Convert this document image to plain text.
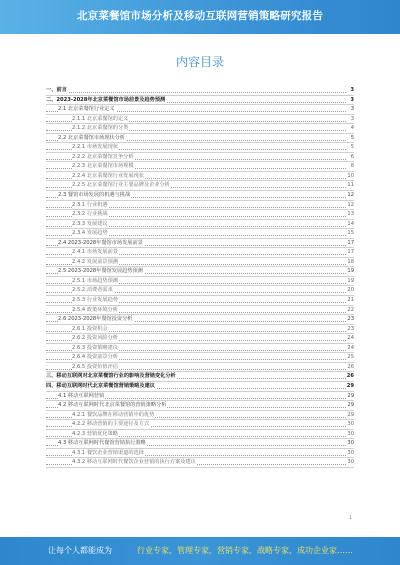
北京菜餐馆市场分析及移动互联网营销策略研究报告
内容目录
一、前言	3
二、2023-2028年北京菜餐馆市场前景及趋势预测	3
2.1 北京菜餐馆行业定义	3
2.1.1 北京菜餐馆的定义	3
2.1.2 北京菜餐馆的分类	4
2.2 北京菜餐馆市场现状分析	5
2.2.1 市场发展现状	5
2.2.2 北京菜餐馆竞争分析	6
2.2.3 北京菜餐馆市场规模	8
2.2.4 北京菜餐馆行业发展现状	10
2.2.5 北京菜餐馆行业主要品牌及企业分析	11
2.3 餐馆市场发展的机遇与挑战	12
2.3.1 行业机遇	12
2.3.2 行业挑战	13
2.3.3 发展建议	14
2.3.4 发展趋势	15
2.4 2023-2028年餐馆市场发展前景	17
2.4.1 市场发展前景	17
2.4.2 发展前景预测	18
2.5 2023-2028年餐馆发展趋势预测	19
2.5.1 市场趋势预测	19
2.5.2 消费者需求	20
2.5.3 行业发展趋势	21
2.5.4 政策环境分析	22
2.6 2023-2028年餐馆投资分析	23
2.6.1 投资机会	23
2.6.2 投资风险分析	24
2.6.3 投资策略建议	24
2.6.4 投资前景分析	25
2.6.5 投资价值评估	26
三、移动互联网对北京菜餐馆行业的影响及营销变化分析	26
四、移动互联网时代北京菜餐馆营销策略及建议	29
4.1 移动互联网营销	29
4.2 移动互联网时代北京菜餐馆的营销策略分析	29
4.2.1 餐饮品牌在移动营销中的优势	29
4.2.2 移动营销的主要途径及方式	30
4.2.3 营销优化策略	30
4.3 移动互联网时代餐馆营销执行策略	30
4.3.1 餐饮企业营销渠道的选择	30
4.3.2 移动互联网时代餐饮企业营销的执行方案及建议	30
1
让每个人都能成为	行业专家、管理专家、营销专家、战略专家、成功企业家……
